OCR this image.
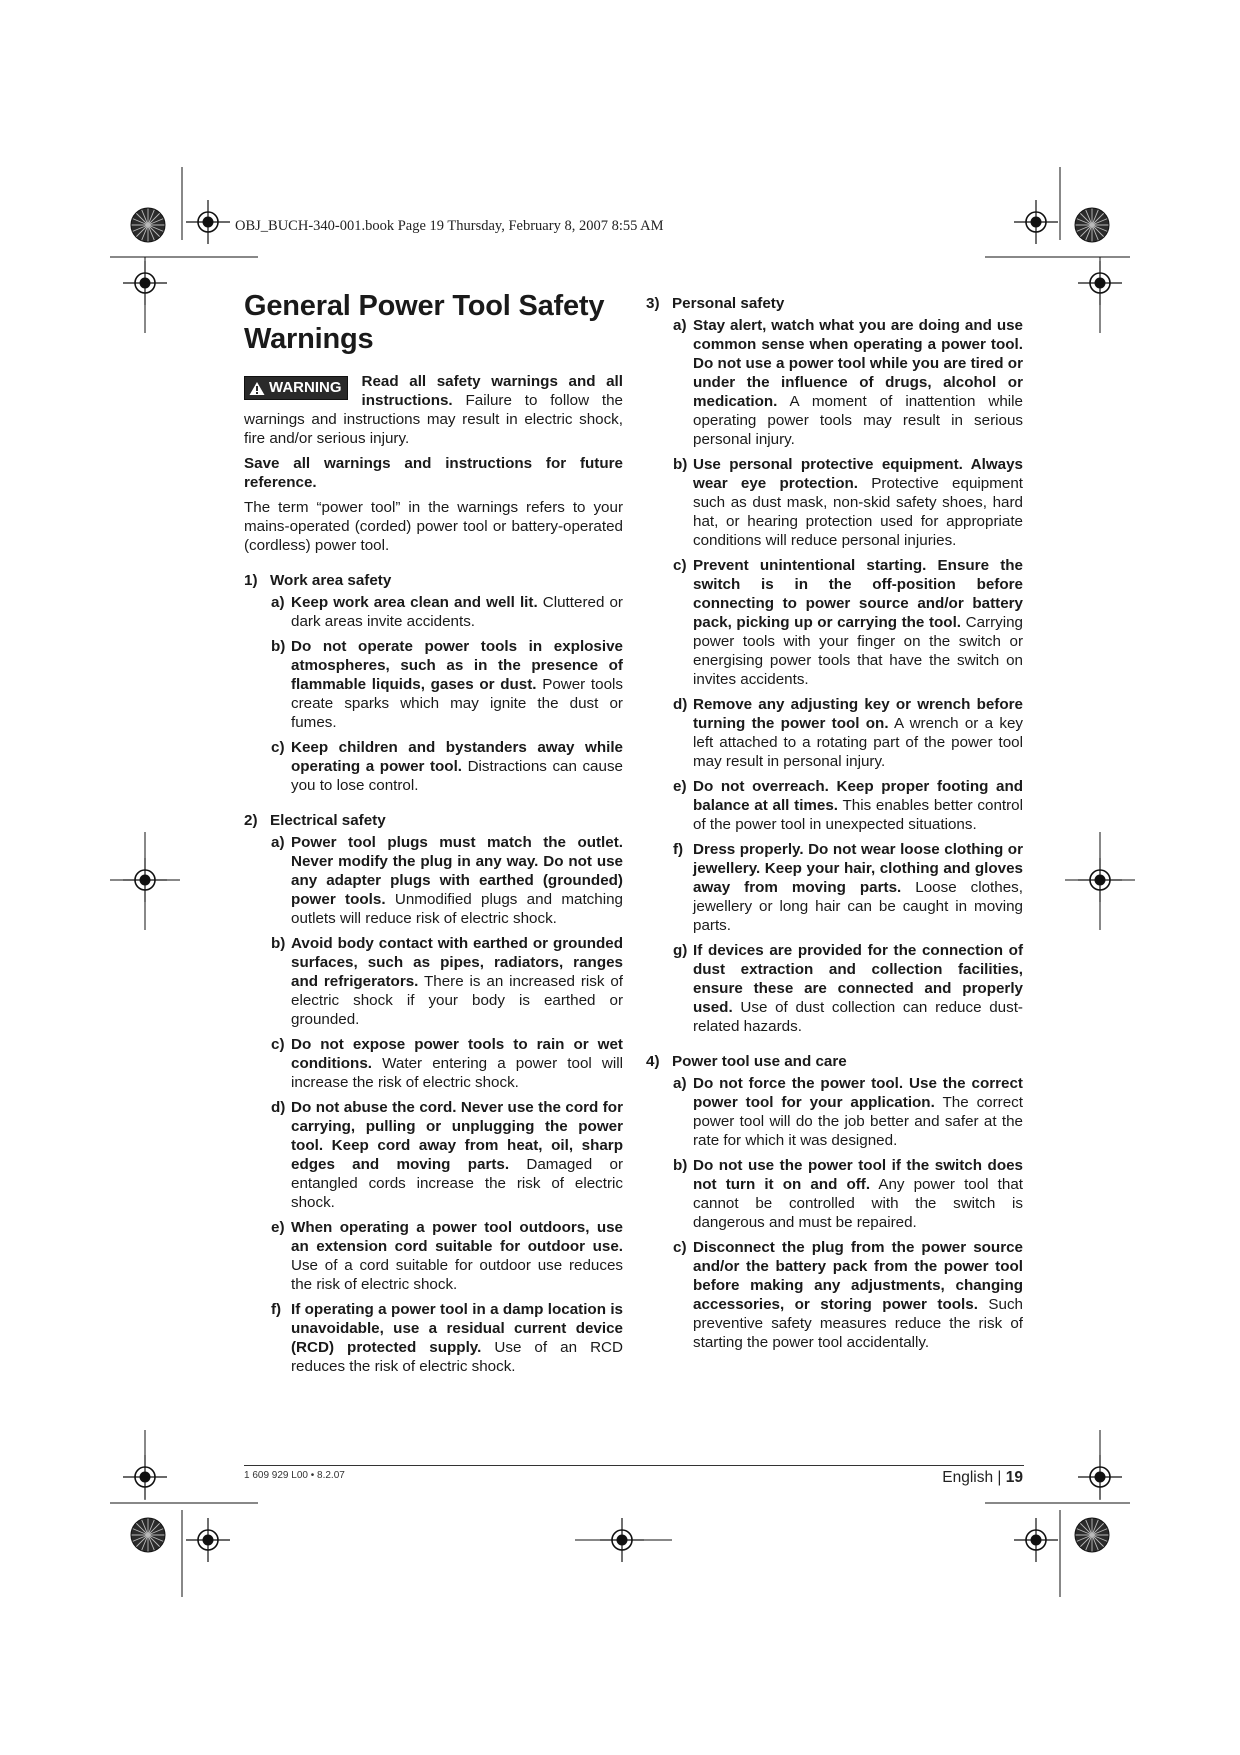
OBJ_BUCH-340-001.book Page 19 Thursday, February 8, 2007 8:55 AM
General Power Tool Safety Warnings
WARNING	Read all safety warnings and all instructions. Failure to follow the warnings and instructions may result in electric shock, fire and/or serious injury.

Save all warnings and instructions for future reference.

The term “power tool” in the warnings refers to your mains-operated (corded) power tool or battery-operated (cordless) power tool.

1) Work area safety
a) Keep work area clean and well lit. Cluttered or dark areas invite accidents.

b) Do not operate power tools in explosive atmospheres, such as in the presence of flammable liquids, gases or dust. Power tools create sparks which may ignite the dust or fumes.

c) Keep children and bystanders away while operating a power tool. Distractions can cause you to lose control.

2) Electrical safety
a) Power tool plugs must match the outlet. Never modify the plug in any way. Do not use any adapter plugs with earthed (grounded) power tools. Unmodified plugs and matching outlets will reduce risk of electric shock.

b) Avoid body contact with earthed or grounded surfaces, such as pipes, radiators, ranges and refrigerators. There is an increased risk of electric shock if your body is earthed or grounded.

c) Do not expose power tools to rain or wet conditions. Water entering a power tool will increase the risk of electric shock.

d) Do not abuse the cord. Never use the cord for carrying, pulling or unplugging the power tool. Keep cord away from heat, oil, sharp edges and moving parts. Damaged or entangled cords increase the risk of electric shock.

e) When operating a power tool outdoors, use an extension cord suitable for outdoor use. Use of a cord suitable for outdoor use reduces the risk of electric shock.

f) If operating a power tool in a damp location is unavoidable, use a residual current device (RCD) protected supply. Use of an RCD reduces the risk of electric shock.

3) Personal safety
a) Stay alert, watch what you are doing and use common sense when operating a power tool. Do not use a power tool while you are tired or under the influence of drugs, alcohol or medication. A moment of inattention while operating power tools may result in serious personal injury.

b) Use personal protective equipment. Always wear eye protection. Protective equipment such as dust mask, non-skid safety shoes, hard hat, or hearing protection used for appropriate conditions will reduce personal injuries.

c) Prevent unintentional starting. Ensure the switch is in the off-position before connecting to power source and/or battery pack, picking up or carrying the tool. Carrying power tools with your finger on the switch or energising power tools that have the switch on invites accidents.

d) Remove any adjusting key or wrench before turning the power tool on. A wrench or a key left attached to a rotating part of the power tool may result in personal injury.

e) Do not overreach. Keep proper footing and balance at all times. This enables better control of the power tool in unexpected situations.

f) Dress properly. Do not wear loose clothing or jewellery. Keep your hair, clothing and gloves away from moving parts. Loose clothes, jewellery or long hair can be caught in moving parts.

g) If devices are provided for the connection of dust extraction and collection facilities, ensure these are connected and properly used. Use of dust collection can reduce dust-related hazards.

4) Power tool use and care
a) Do not force the power tool. Use the correct power tool for your application. The correct power tool will do the job better and safer at the rate for which it was designed.

b) Do not use the power tool if the switch does not turn it on and off. Any power tool that cannot be controlled with the switch is dangerous and must be repaired.

c) Disconnect the plug from the power source and/or the battery pack from the power tool before making any adjustments, changing accessories, or storing power tools. Such preventive safety measures reduce the risk of starting the power tool accidentally.

1 609 929 L00 • 8.2.07	English | 19
